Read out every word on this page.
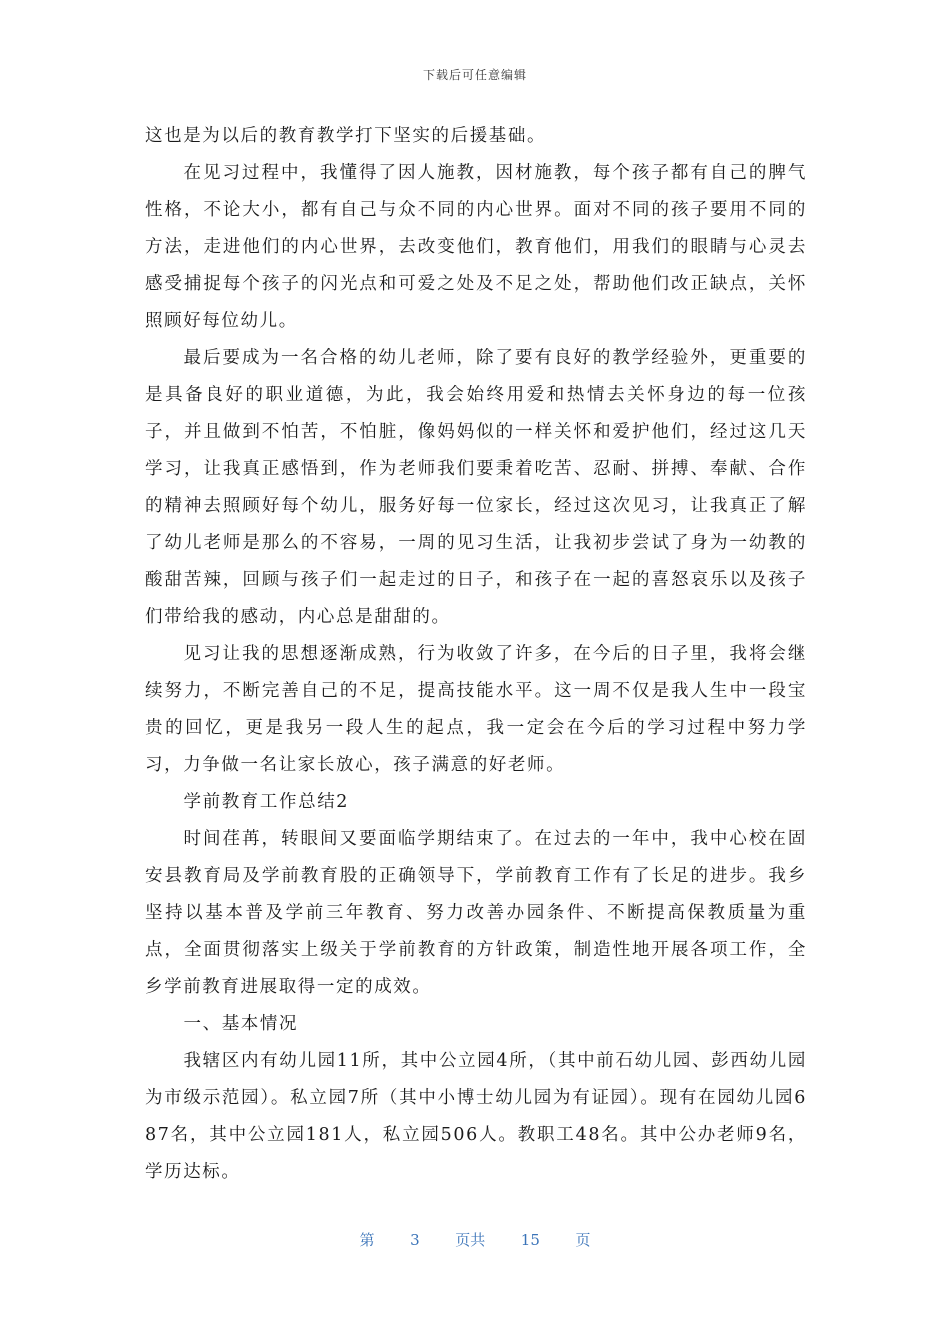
下载后可任意编辑

这也是为以后的教育教学打下坚实的后援基础。

在见习过程中，我懂得了因人施教，因材施教，每个孩子都有自己的脾气性格，不论大小，都有自己与众不同的内心世界。面对不同的孩子要用不同的方法，走进他们的内心世界，去改变他们，教育他们，用我们的眼睛与心灵去感受捕捉每个孩子的闪光点和可爱之处及不足之处，帮助他们改正缺点，关怀照顾好每位幼儿。

最后要成为一名合格的幼儿老师，除了要有良好的教学经验外，更重要的是具备良好的职业道德，为此，我会始终用爱和热情去关怀身边的每一位孩子，并且做到不怕苦，不怕脏，像妈妈似的一样关怀和爱护他们，经过这几天学习，让我真正感悟到，作为老师我们要秉着吃苦、忍耐、拼搏、奉献、合作的精神去照顾好每个幼儿，服务好每一位家长，经过这次见习，让我真正了解了幼儿老师是那么的不容易，一周的见习生活，让我初步尝试了身为一幼教的酸甜苦辣，回顾与孩子们一起走过的日子，和孩子在一起的喜怒哀乐以及孩子们带给我的感动，内心总是甜甜的。

见习让我的思想逐渐成熟，行为收敛了许多，在今后的日子里，我将会继续努力，不断完善自己的不足，提高技能水平。这一周不仅是我人生中一段宝贵的回忆，更是我另一段人生的起点，我一定会在今后的学习过程中努力学习，力争做一名让家长放心，孩子满意的好老师。

学前教育工作总结2

时间荏苒，转眼间又要面临学期结束了。在过去的一年中，我中心校在固安县教育局及学前教育股的正确领导下，学前教育工作有了长足的进步。我乡坚持以基本普及学前三年教育、努力改善办园条件、不断提高保教质量为重点，全面贯彻落实上级关于学前教育的方针政策，制造性地开展各项工作，全乡学前教育进展取得一定的成效。

一、基本情况

我辖区内有幼儿园11所，其中公立园4所，（其中前石幼儿园、彭西幼儿园为市级示范园）。私立园7所（其中小博士幼儿园为有证园）。现有在园幼儿园687名，其中公立园181人，私立园506人。教职工48名。其中公办老师9名，学历达标。

第 3 页共 15 页
